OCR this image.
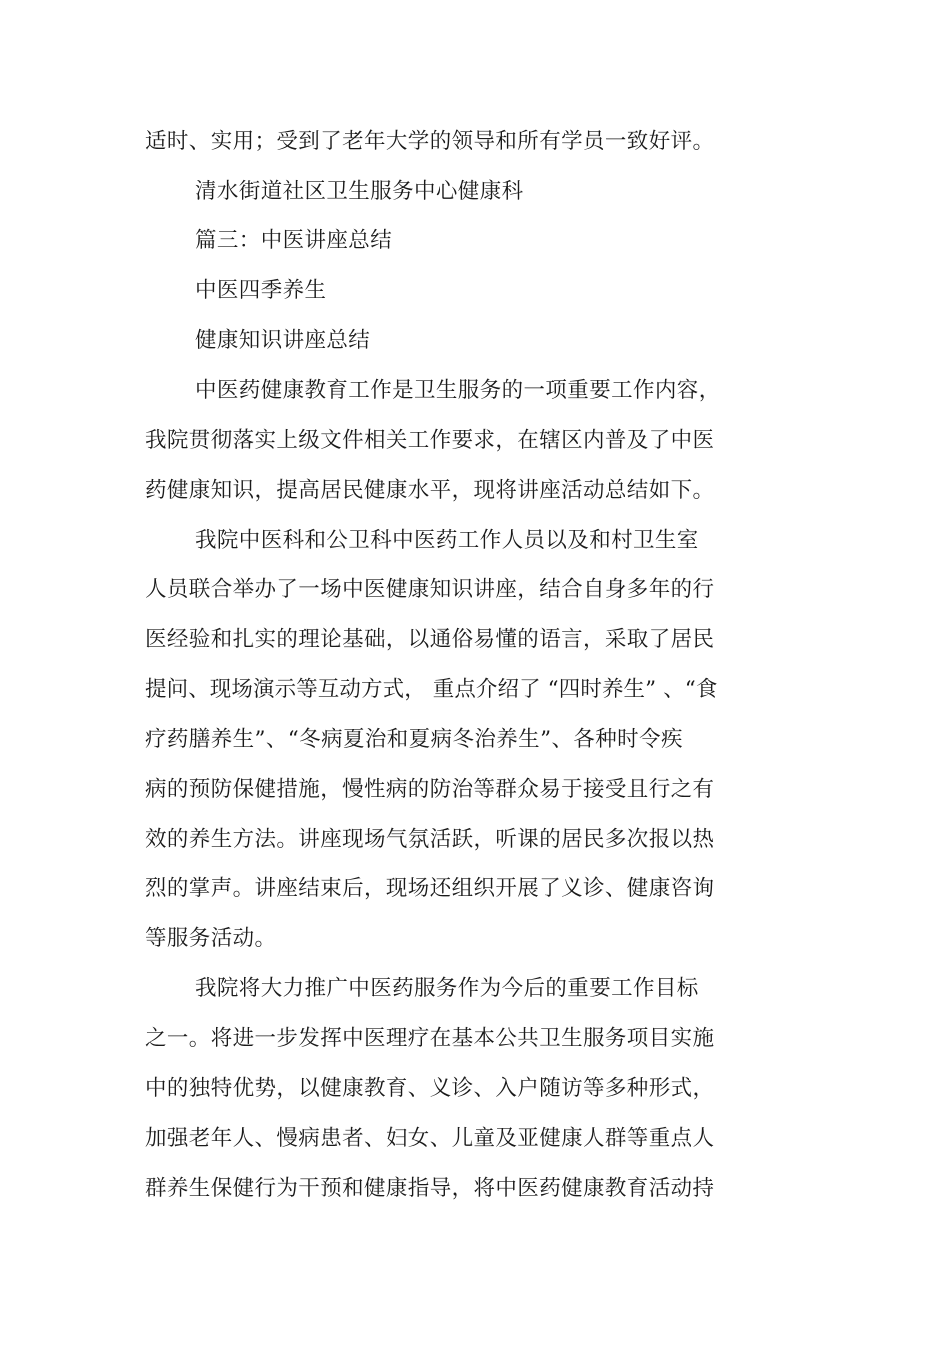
适时、实用；受到了老年大学的领导和所有学员一致好评。
清水街道社区卫生服务中心健康科
篇三：中医讲座总结
中医四季养生
健康知识讲座总结
中医药健康教育工作是卫生服务的一项重要工作内容，
我院贯彻落实上级文件相关工作要求，在辖区内普及了中医
药健康知识，提高居民健康水平，现将讲座活动总结如下。
我院中医科和公卫科中医药工作人员以及和村卫生室
人员联合举办了一场中医健康知识讲座，结合自身多年的行
医经验和扎实的理论基础，以通俗易懂的语言，采取了居民
提问、现场演示等互动方式， 重点介绍了 “四时养生” 、“食
疗药膳养生”、“冬病夏治和夏病冬治养生”、各种时令疾
病的预防保健措施，慢性病的防治等群众易于接受且行之有
效的养生方法。讲座现场气氛活跃，听课的居民多次报以热
烈的掌声。讲座结束后，现场还组织开展了义诊、健康咨询
等服务活动。
我院将大力推广中医药服务作为今后的重要工作目标
之一。将进一步发挥中医理疗在基本公共卫生服务项目实施
中的独特优势，以健康教育、义诊、入户随访等多种形式，
加强老年人、慢病患者、妇女、儿童及亚健康人群等重点人
群养生保健行为干预和健康指导，将中医药健康教育活动持
